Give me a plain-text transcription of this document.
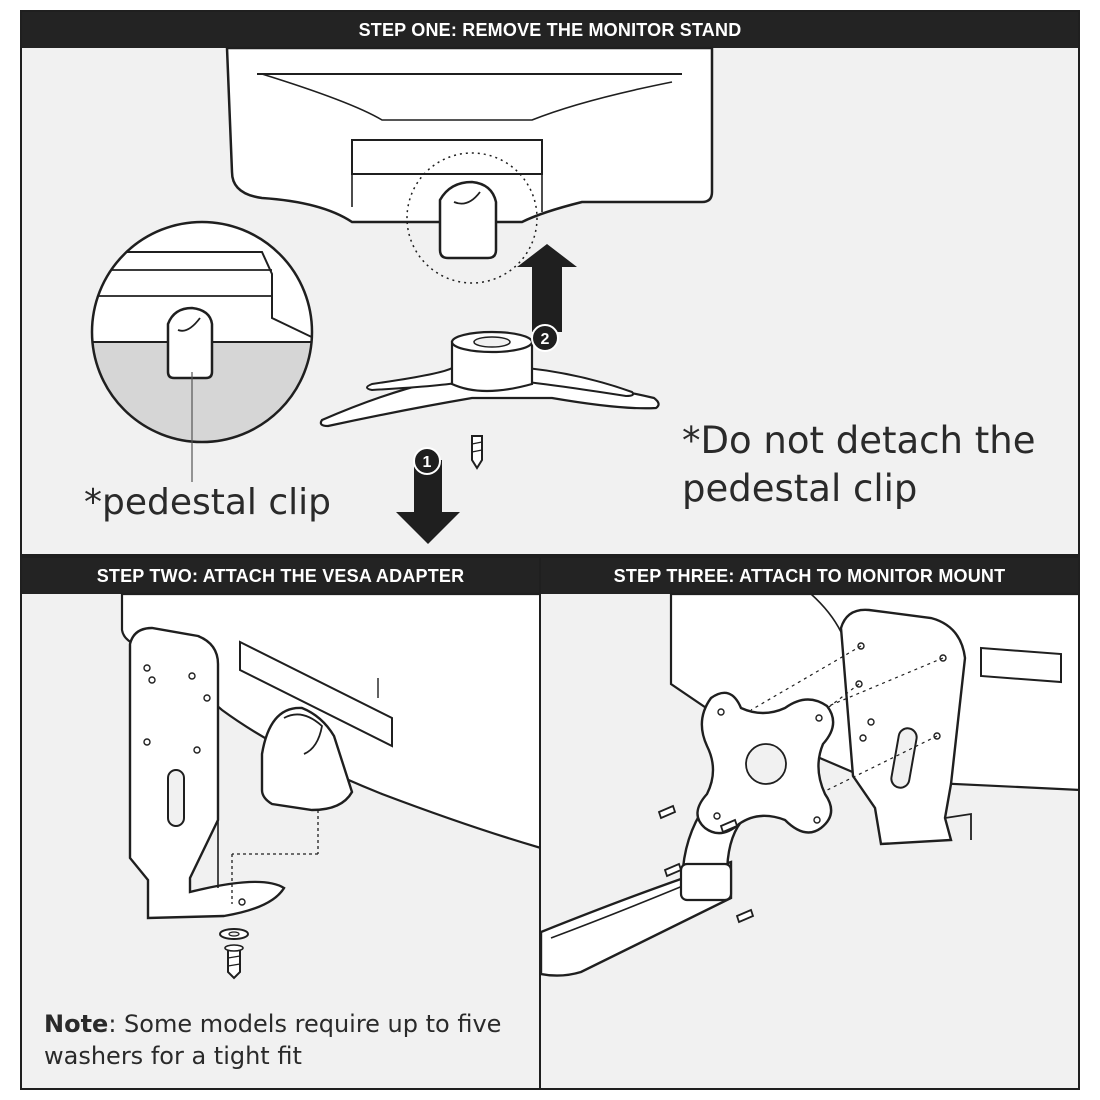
STEP ONE: REMOVE THE MONITOR STAND
2
1
*pedestal clip
*Do not detach the pedestal clip
STEP TWO: ATTACH THE VESA ADAPTER
Note: Some models require up to five washers for a tight fit
STEP THREE: ATTACH TO MONITOR MOUNT
